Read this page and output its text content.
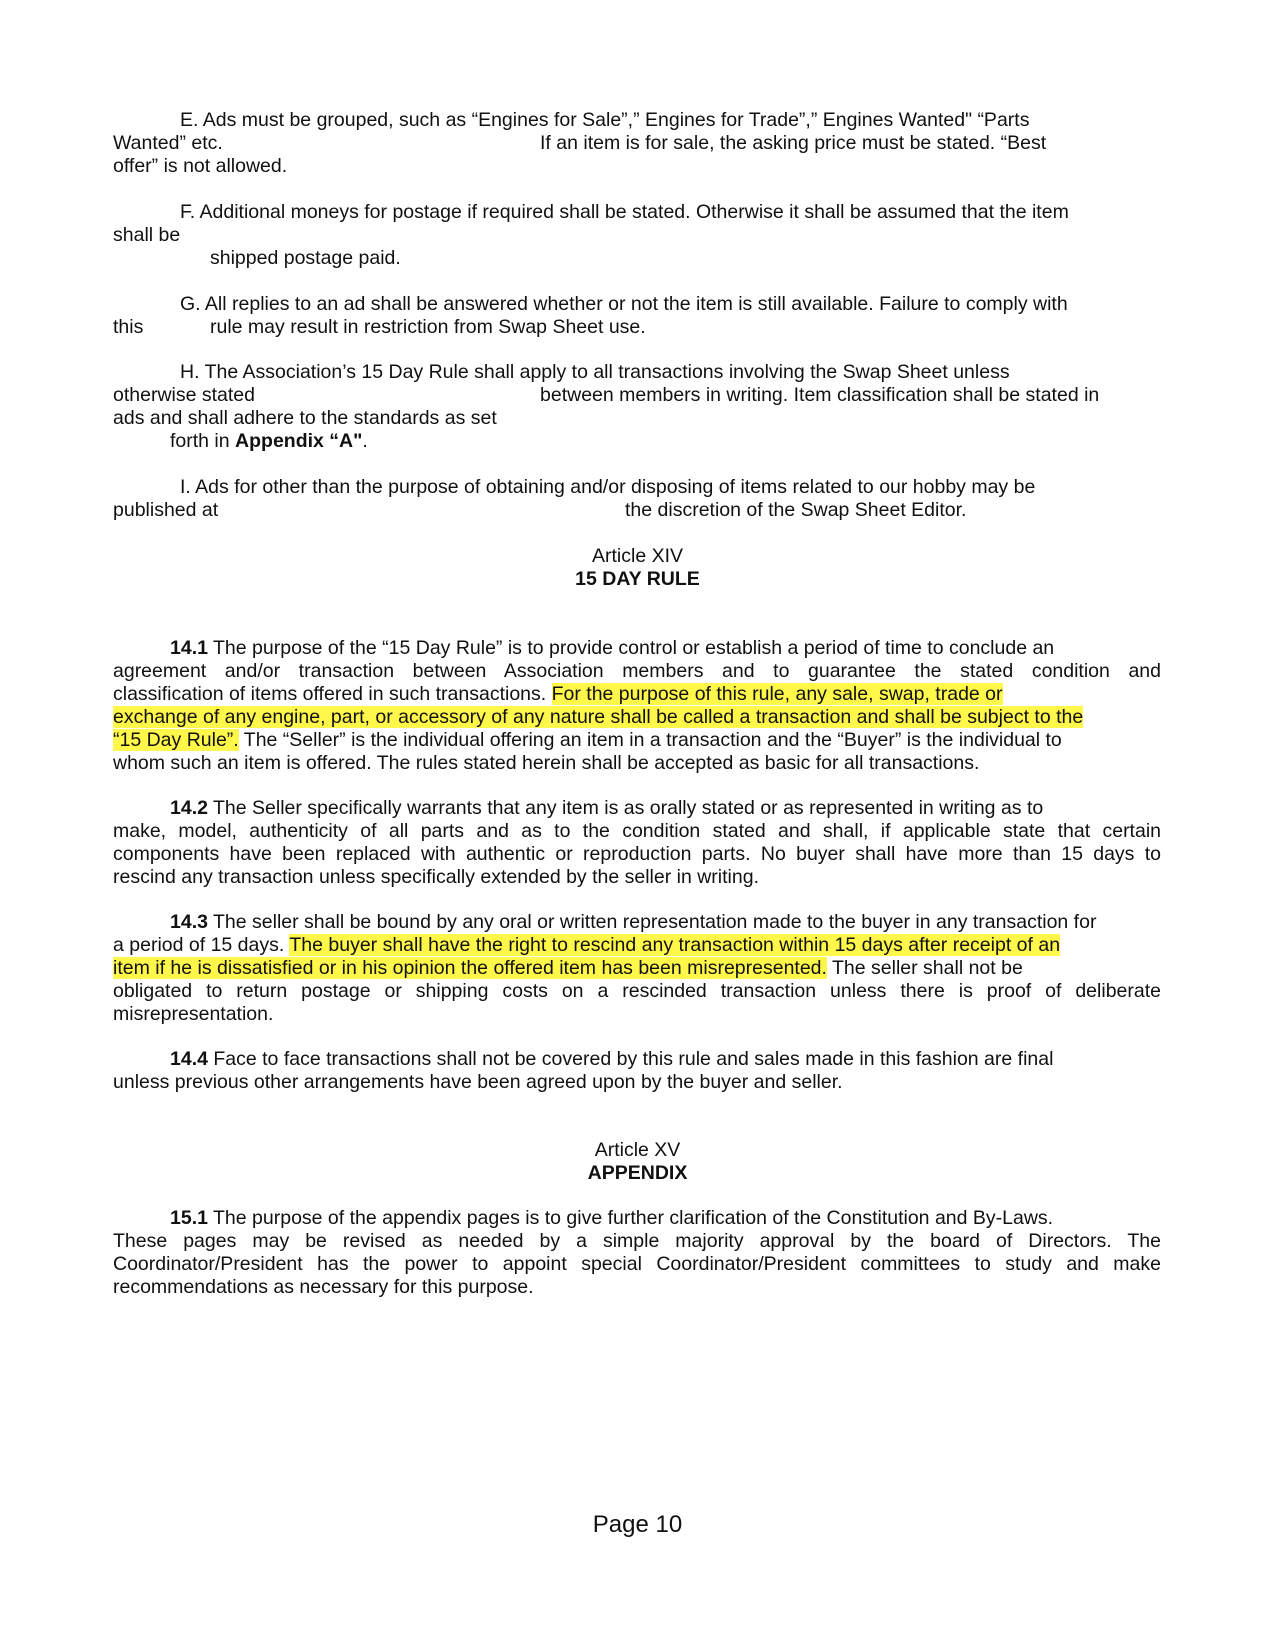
E. Ads must be grouped, such as “Engines for Sale”,” Engines for Trade”,” Engines Wanted" “Parts
Wanted” etc.	If an item is for sale, the asking price must be stated. “Best
offer” is not allowed.
F. Additional moneys for postage if required shall be stated. Otherwise it shall be assumed that the item
shall be
shipped postage paid.
G. All replies to an ad shall be answered whether or not the item is still available. Failure to comply with
this	rule may result in restriction from Swap Sheet use.
H. The Association’s 15 Day Rule shall apply to all transactions involving the Swap Sheet unless
otherwise stated	between members in writing. Item classification shall be stated in
ads and shall adhere to the standards as set
forth in Appendix “A".
I. Ads for other than the purpose of obtaining and/or disposing of items related to our hobby may be
published at	the discretion of the Swap Sheet Editor.
Article XIV
15 DAY RULE
14.1 The purpose of the “15 Day Rule” is to provide control or establish a period of time to conclude an
agreement and/or transaction between Association members and to guarantee the stated condition and
classification of items offered in such transactions. For the purpose of this rule, any sale, swap, trade or
exchange of any engine, part, or accessory of any nature shall be called a transaction and shall be subject to the
“15 Day Rule”. The “Seller” is the individual offering an item in a transaction and the “Buyer” is the individual to
whom such an item is offered. The rules stated herein shall be accepted as basic for all transactions.
14.2 The Seller specifically warrants that any item is as orally stated or as represented in writing as to
make, model, authenticity of all parts and as to the condition stated and shall, if applicable state that certain
components have been replaced with authentic or reproduction parts. No buyer shall have more than 15 days to
rescind any transaction unless specifically extended by the seller in writing.
14.3 The seller shall be bound by any oral or written representation made to the buyer in any transaction for
a period of 15 days. The buyer shall have the right to rescind any transaction within 15 days after receipt of an
item if he is dissatisfied or in his opinion the offered item has been misrepresented. The seller shall not be
obligated to return postage or shipping costs on a rescinded transaction unless there is proof of deliberate
misrepresentation.
14.4 Face to face transactions shall not be covered by this rule and sales made in this fashion are final
unless previous other arrangements have been agreed upon by the buyer and seller.
Article XV
APPENDIX
15.1 The purpose of the appendix pages is to give further clarification of the Constitution and By-Laws.
These pages may be revised as needed by a simple majority approval by the board of Directors. The
Coordinator/President has the power to appoint special Coordinator/President committees to study and make
recommendations as necessary for this purpose.
Page 10
